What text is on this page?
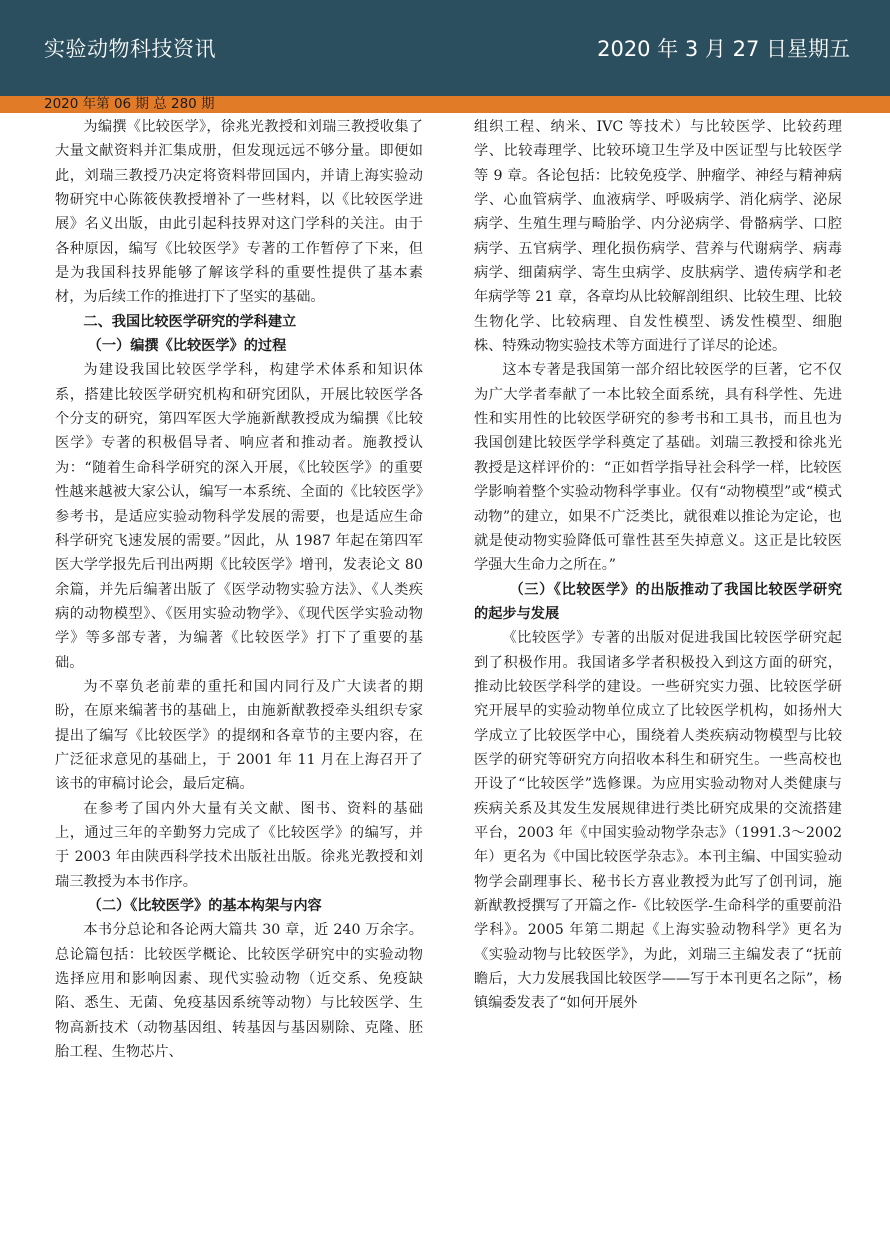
实验动物科技资讯	2020 年 3 月 27 日星期五
2020 年第 06 期 总 280 期

为编撰《比较医学》，徐兆光教授和刘瑞三教授收集了大量文献资料并汇集成册，但发现远远不够分量。即便如此，刘瑞三教授乃决定将资料带回国内，并请上海实验动物研究中心陈筱侠教授增补了一些材料，以《比较医学进展》名义出版，由此引起科技界对这门学科的关注。由于各种原因，编写《比较医学》专著的工作暂停了下来，但是为我国科技界能够了解该学科的重要性提供了基本素材，为后续工作的推进打下了坚实的基础。

二、我国比较医学研究的学科建立
（一）编撰《比较医学》的过程

为建设我国比较医学学科，构建学术体系和知识体系，搭建比较医学研究机构和研究团队，开展比较医学各个分支的研究，第四军医大学施新猷教授成为编撰《比较医学》专著的积极倡导者、响应者和推动者。施教授认为：“随着生命科学研究的深入开展，《比较医学》的重要性越来越被大家公认，编写一本系统、全面的《比较医学》参考书，是适应实验动物科学发展的需要，也是适应生命科学研究飞速发展的需要。”因此，从 1987 年起在第四军医大学学报先后刊出两期《比较医学》增刊，发表论文 80 余篇，并先后编著出版了《医学动物实验方法》、《人类疾病的动物模型》、《医用实验动物学》、《现代医学实验动物学》等多部专著，为编著《比较医学》打下了重要的基础。

为不辜负老前辈的重托和国内同行及广大读者的期盼，在原来编著书的基础上，由施新猷教授牵头组织专家提出了编写《比较医学》的提纲和各章节的主要内容，在广泛征求意见的基础上，于 2001 年 11 月在上海召开了该书的审稿讨论会，最后定稿。

在参考了国内外大量有关文献、图书、资料的基础上，通过三年的辛勤努力完成了《比较医学》的编写，并于 2003 年由陕西科学技术出版社出版。徐兆光教授和刘瑞三教授为本书作序。

（二）《比较医学》的基本构架与内容

本书分总论和各论两大篇共 30 章，近 240 万余字。总论篇包括：比较医学概论、比较医学研究中的实验动物选择应用和影响因素、现代实验动物（近交系、免疫缺陷、悉生、无菌、免疫基因系统等动物）与比较医学、生物高新技术（动物基因组、转基因与基因剔除、克隆、胚胎工程、生物芯片、

组织工程、纳米、IVC 等技术）与比较医学、比较药理学、比较毒理学、比较环境卫生学及中医证型与比较医学等 9 章。各论包括：比较免疫学、肿瘤学、神经与精神病学、心血管病学、血液病学、呼吸病学、消化病学、泌尿病学、生殖生理与畸胎学、内分泌病学、骨骼病学、口腔病学、五官病学、理化损伤病学、营养与代谢病学、病毒病学、细菌病学、寄生虫病学、皮肤病学、遗传病学和老年病学等 21 章，各章均从比较解剖组织、比较生理、比较生物化学、比较病理、自发性模型、诱发性模型、细胞株、特殊动物实验技术等方面进行了详尽的论述。

这本专著是我国第一部介绍比较医学的巨著，它不仅为广大学者奉献了一本比较全面系统，具有科学性、先进性和实用性的比较医学研究的参考书和工具书，而且也为我国创建比较医学学科奠定了基础。刘瑞三教授和徐兆光教授是这样评价的：“正如哲学指导社会科学一样，比较医学影响着整个实验动物科学事业。仅有“动物模型”或“模式动物”的建立，如果不广泛类比，就很难以推论为定论，也就是使动物实验降低可靠性甚至失掉意义。这正是比较医学强大生命力之所在。”

（三）《比较医学》的出版推动了我国比较医学研究的起步与发展

《比较医学》专著的出版对促进我国比较医学研究起到了积极作用。我国诸多学者积极投入到这方面的研究，推动比较医学科学的建设。一些研究实力强、比较医学研究开展早的实验动物单位成立了比较医学机构，如扬州大学成立了比较医学中心，围绕着人类疾病动物模型与比较医学的研究等研究方向招收本科生和研究生。一些高校也开设了“比较医学”选修课。为应用实验动物对人类健康与疾病关系及其发生发展规律进行类比研究成果的交流搭建平台，2003 年《中国实验动物学杂志》（1991.3～2002 年）更名为《中国比较医学杂志》。本刊主编、中国实验动物学会副理事长、秘书长方喜业教授为此写了创刊词，施新猷教授撰写了开篇之作-《比较医学-生命科学的重要前沿学科》。2005 年第二期起《上海实验动物科学》更名为《实验动物与比较医学》，为此，刘瑞三主编发表了“抚前瞻后，大力发展我国比较医学——写于本刊更名之际”，杨镇编委发表了“如何开展外
